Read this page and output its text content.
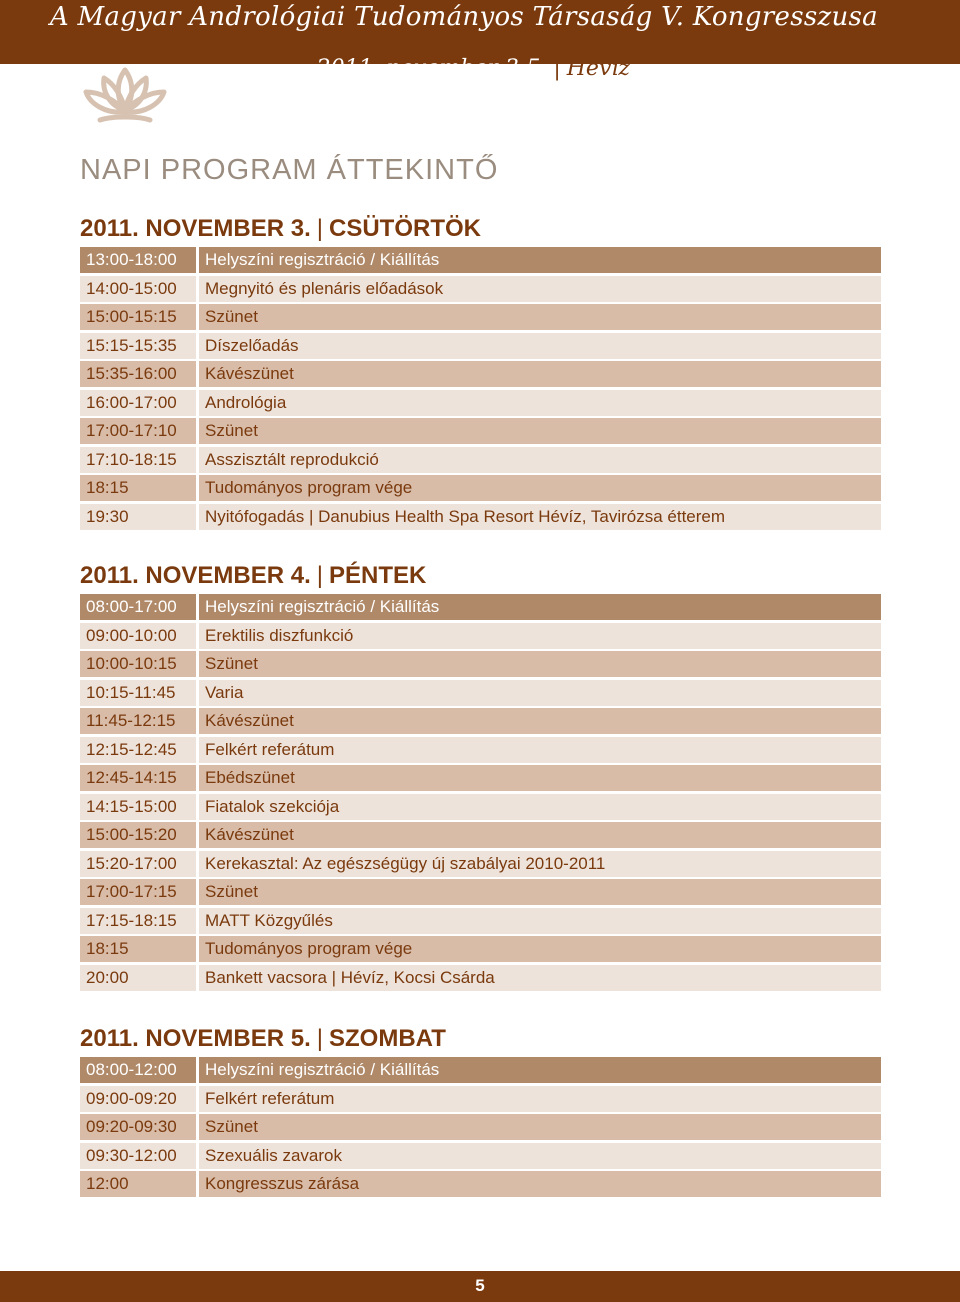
A Magyar Andrológiai Tudományos Társaság V. Kongresszusa
2011. november 3-5. | Hévíz
NAPI PROGRAM ÁTTEKINTŐ
2011. NOVEMBER 3. | CSÜTÖRTÖK
13:00-18:00	Helyszíni regisztráció / Kiállítás
14:00-15:00	Megnyitó és plenáris előadások
15:00-15:15	Szünet
15:15-15:35	Díszelőadás
15:35-16:00	Kávészünet
16:00-17:00	Andrológia
17:00-17:10	Szünet
17:10-18:15	Asszisztált reprodukció
18:15	Tudományos program vége
19:30	Nyitófogadás | Danubius Health Spa Resort Hévíz, Tavirózsa étterem
2011. NOVEMBER 4. | PÉNTEK
08:00-17:00	Helyszíni regisztráció / Kiállítás
09:00-10:00	Erektilis diszfunkció
10:00-10:15	Szünet
10:15-11:45	Varia
11:45-12:15	Kávészünet
12:15-12:45	Felkért referátum
12:45-14:15	Ebédszünet
14:15-15:00	Fiatalok szekciója
15:00-15:20	Kávészünet
15:20-17:00	Kerekasztal: Az egészségügy új szabályai 2010-2011
17:00-17:15	Szünet
17:15-18:15	MATT Közgyűlés
18:15	Tudományos program vége
20:00	Bankett vacsora | Hévíz, Kocsi Csárda
2011. NOVEMBER 5. | SZOMBAT
08:00-12:00	Helyszíni regisztráció / Kiállítás
09:00-09:20	Felkért referátum
09:20-09:30	Szünet
09:30-12:00	Szexuális zavarok
12:00	Kongresszus zárása
5
